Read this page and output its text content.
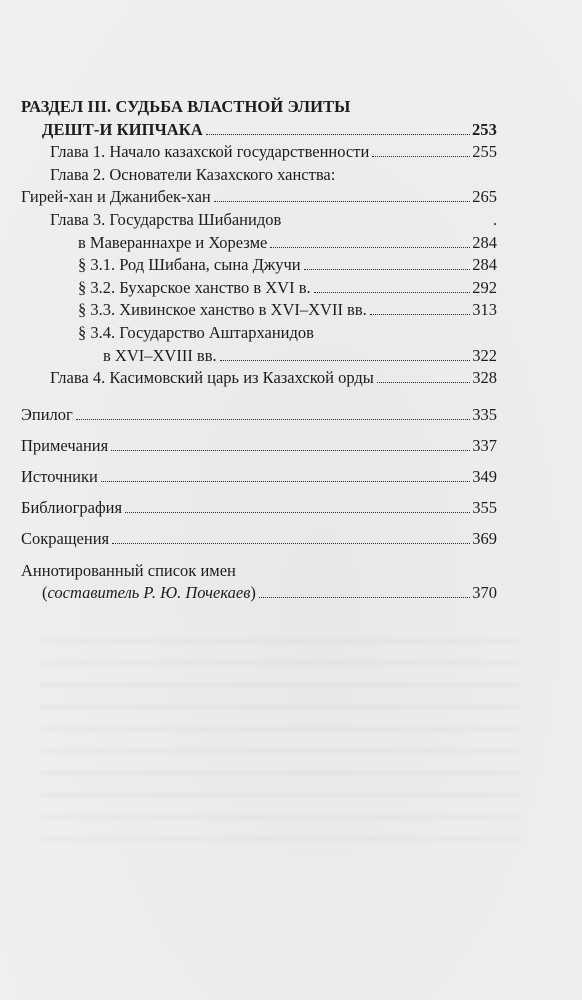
РАЗДЕЛ III. СУДЬБА ВЛАСТНОЙ ЭЛИТЫ
ДЕШТ-И КИПЧАКА	253
Глава 1. Начало казахской государственности	255
Глава 2. Основатели Казахского ханства:
Гирей-хан и Джанибек-хан	265
Глава 3. Государства Шибанидов	.
в Мавераннахре и Хорезме	284
§ 3.1. Род Шибана, сына Джучи	284
§ 3.2. Бухарское ханство в XVI в.	292
§ 3.3. Хивинское ханство в XVI–XVII вв.	313
§ 3.4. Государство Аштарханидов
в XVI–XVIII вв.	322
Глава 4. Касимовский царь из Казахской орды	328
Эпилог	335
Примечания	337
Источники	349
Библиография	355
Сокращения	369
Аннотированный список имен
(составитель Р. Ю. Почекаев)	370
